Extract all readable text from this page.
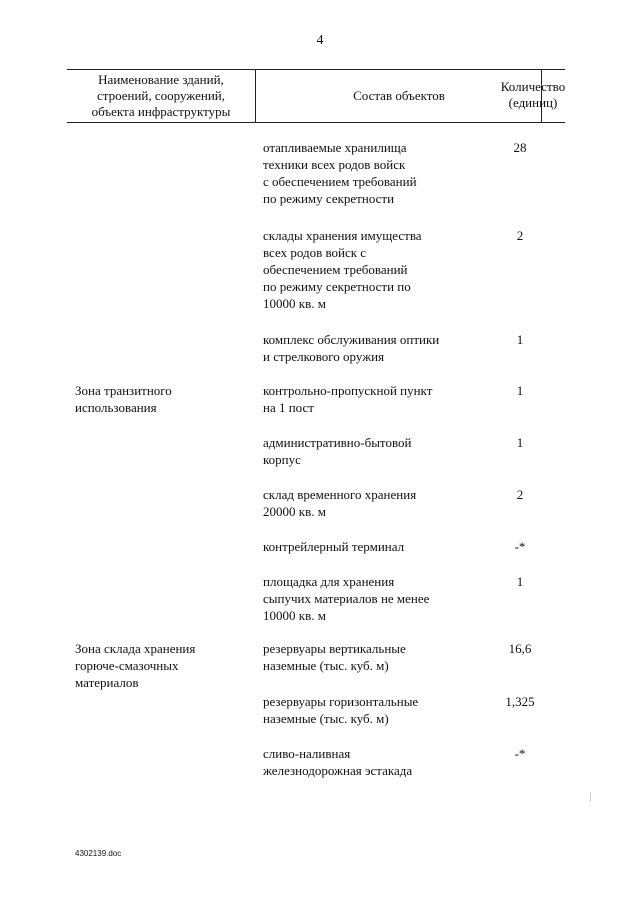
4
Наименование зданий,
строений, сооружений,
объекта инфраструктуры
Состав объектов
Количество
(единиц)
Зона транзитного
использования
Зона склада хранения
горюче-смазочных
материалов
отапливаемые хранилища
техники всех родов войск
с обеспечением требований
по режиму секретности
28
склады хранения имущества
всех родов войск с
обеспечением требований
по режиму секретности по
10000 кв. м
2
комплекс обслуживания оптики
и стрелкового оружия
1
контрольно-пропускной пункт
на 1 пост
1
административно-бытовой
корпус
1
склад временного хранения
20000 кв. м
2
контрейлерный терминал	-*
площадка для хранения
сыпучих материалов не менее
10000 кв. м
1
резервуары вертикальные
наземные (тыс. куб. м)
16,6
резервуары горизонтальные
наземные (тыс. куб. м)
1,325
сливо-наливная
железнодорожная эстакада
-*
4302139.doc
